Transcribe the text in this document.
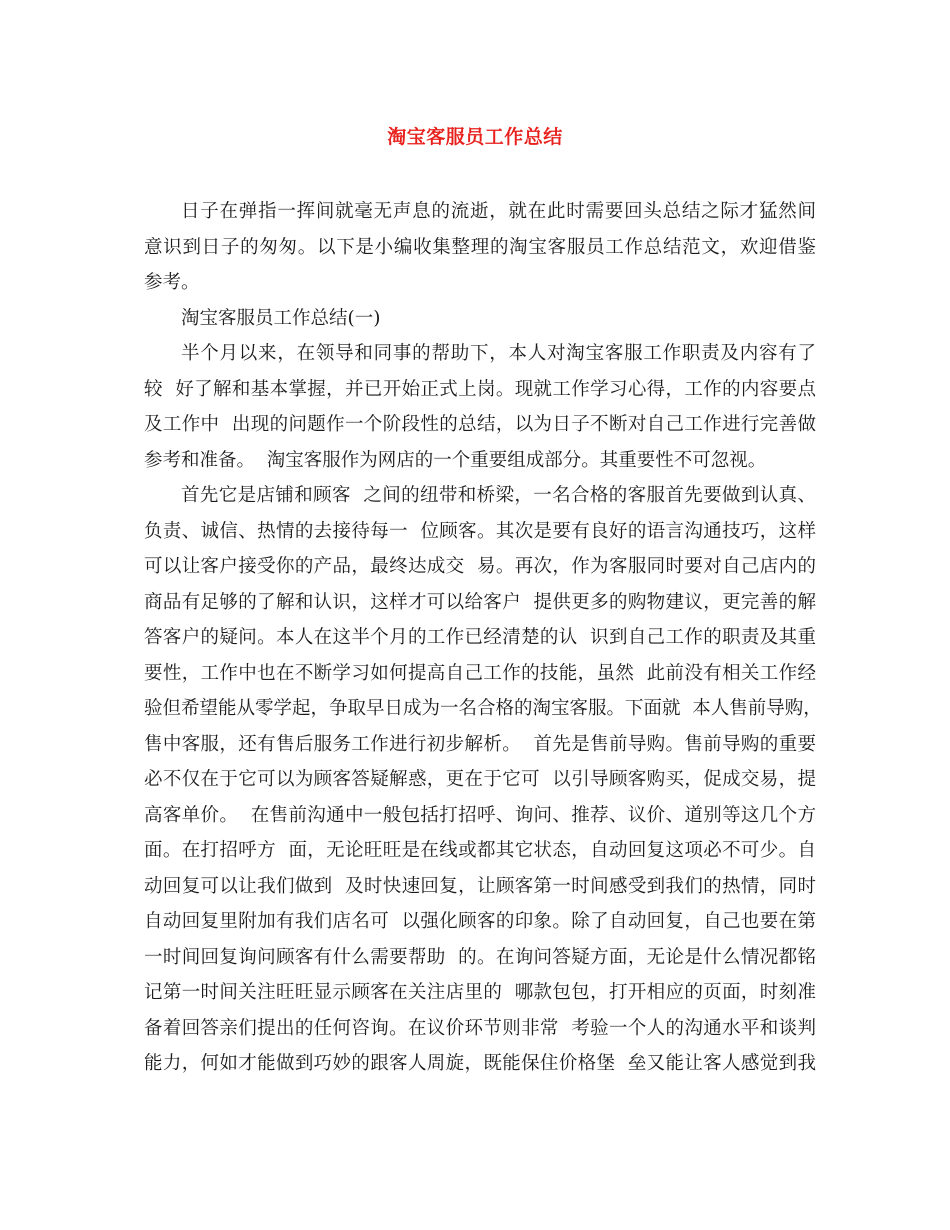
淘宝客服员工作总结
日子在弹指一挥间就毫无声息的流逝，就在此时需要回头总结之际才猛然间
意识到日子的匆匆。以下是小编收集整理的淘宝客服员工作总结范文，欢迎借鉴
参考。
淘宝客服员工作总结(一)
半个月以来，在领导和同事的帮助下，本人对淘宝客服工作职责及内容有了
较  好了解和基本掌握，并已开始正式上岗。现就工作学习心得，工作的内容要点
及工作中  出现的问题作一个阶段性的总结，以为日子不断对自己工作进行完善做
参考和准备。  淘宝客服作为网店的一个重要组成部分。其重要性不可忽视。
首先它是店铺和顾客  之间的纽带和桥梁，一名合格的客服首先要做到认真、
负责、诚信、热情的去接待每一  位顾客。其次是要有良好的语言沟通技巧，这样
可以让客户接受你的产品，最终达成交  易。再次，作为客服同时要对自己店内的
商品有足够的了解和认识，这样才可以给客户  提供更多的购物建议，更完善的解
答客户的疑问。本人在这半个月的工作已经清楚的认  识到自己工作的职责及其重
要性，工作中也在不断学习如何提高自己工作的技能，虽然  此前没有相关工作经
验但希望能从零学起，争取早日成为一名合格的淘宝客服。下面就  本人售前导购，
售中客服，还有售后服务工作进行初步解析。  首先是售前导购。售前导购的重要
必不仅在于它可以为顾客答疑解惑，更在于它可  以引导顾客购买，促成交易，提
高客单价。  在售前沟通中一般包括打招呼、询问、推荐、议价、道别等这几个方
面。在打招呼方  面，无论旺旺是在线或都其它状态，自动回复这项必不可少。自
动回复可以让我们做到  及时快速回复，让顾客第一时间感受到我们的热情，同时
自动回复里附加有我们店名可  以强化顾客的印象。除了自动回复，自己也要在第
一时间回复询问顾客有什么需要帮助  的。在询问答疑方面，无论是什么情况都铭
记第一时间关注旺旺显示顾客在关注店里的  哪款包包，打开相应的页面，时刻准
备着回答亲们提出的任何咨询。在议价环节则非常  考验一个人的沟通水平和谈判
能力，何如才能做到巧妙的跟客人周旋，既能保住价格堡  垒又能让客人感觉到我
